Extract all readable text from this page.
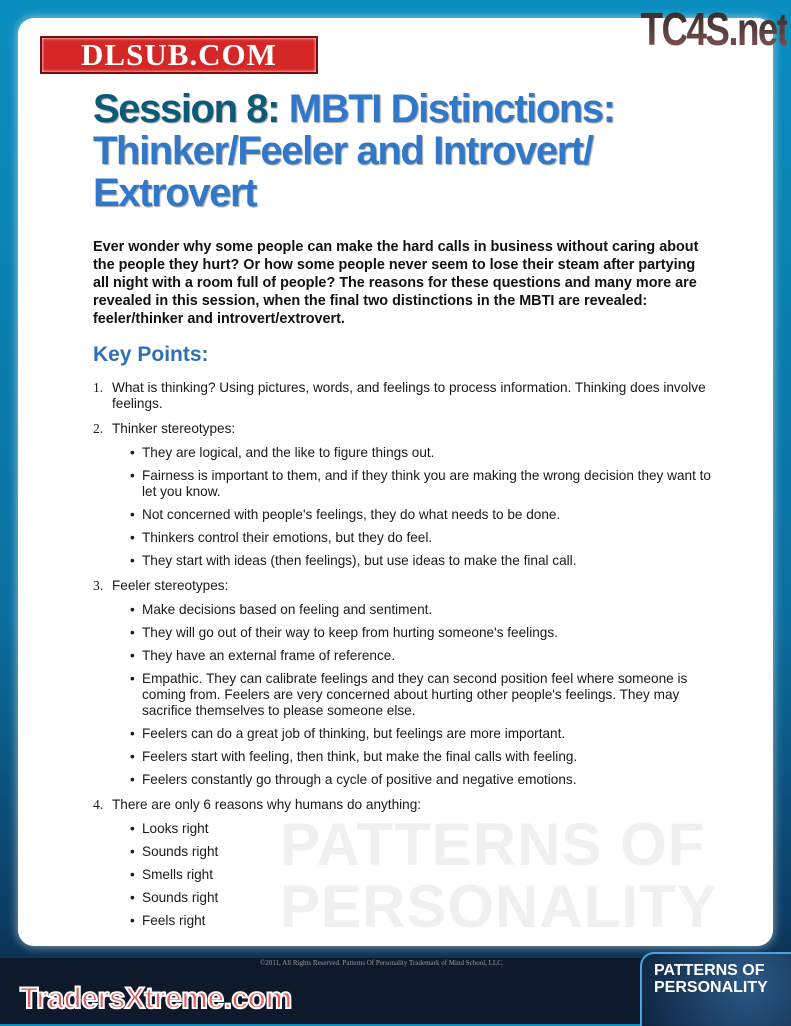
PATTERNS OF PERSONALITY
TC4S.net
PATTERNS OF PERSONALITY
Session 8: MBTI Distinctions: Thinker/Feeler and Introvert/ Extrovert

Ever wonder why some people can make the hard calls in business without caring about the people they hurt? Or how some people never seem to lose their steam after partying all night with a room full of people? The reasons for these questions and many more are revealed in this session, when the final two distinctions in the MBTI are revealed: feeler/thinker and introvert/extrovert.

Key Points:
1. What is thinking? Using pictures, words, and feelings to process information. Thinking does involve feelings.
2. Thinker stereotypes:
• They are logical, and the like to figure things out.
• Fairness is important to them, and if they think you are making the wrong decision they want to let you know.
• Not concerned with people's feelings, they do what needs to be done.
• Thinkers control their emotions, but they do feel.
• They start with ideas (then feelings), but use ideas to make the final call.
3. Feeler stereotypes:
• Make decisions based on feeling and sentiment.
• They will go out of their way to keep from hurting someone's feelings.
• They have an external frame of reference.
• Empathic. They can calibrate feelings and they can second position feel where someone is coming from. Feelers are very concerned about hurting other people's feelings. They may sacrifice themselves to please someone else.
• Feelers can do a great job of thinking, but feelings are more important.
• Feelers start with feeling, then think, but make the final calls with feeling.
• Feelers constantly go through a cycle of positive and negative emotions.
4. There are only 6 reasons why humans do anything:
• Looks right
• Sounds right
• Smells right
• Sounds right
• Feels right
©2011, All Rights Reserved. Patterns Of Personality Trademark of Mind School, LLC.
DLSUB.COM
TradersXtreme.com
